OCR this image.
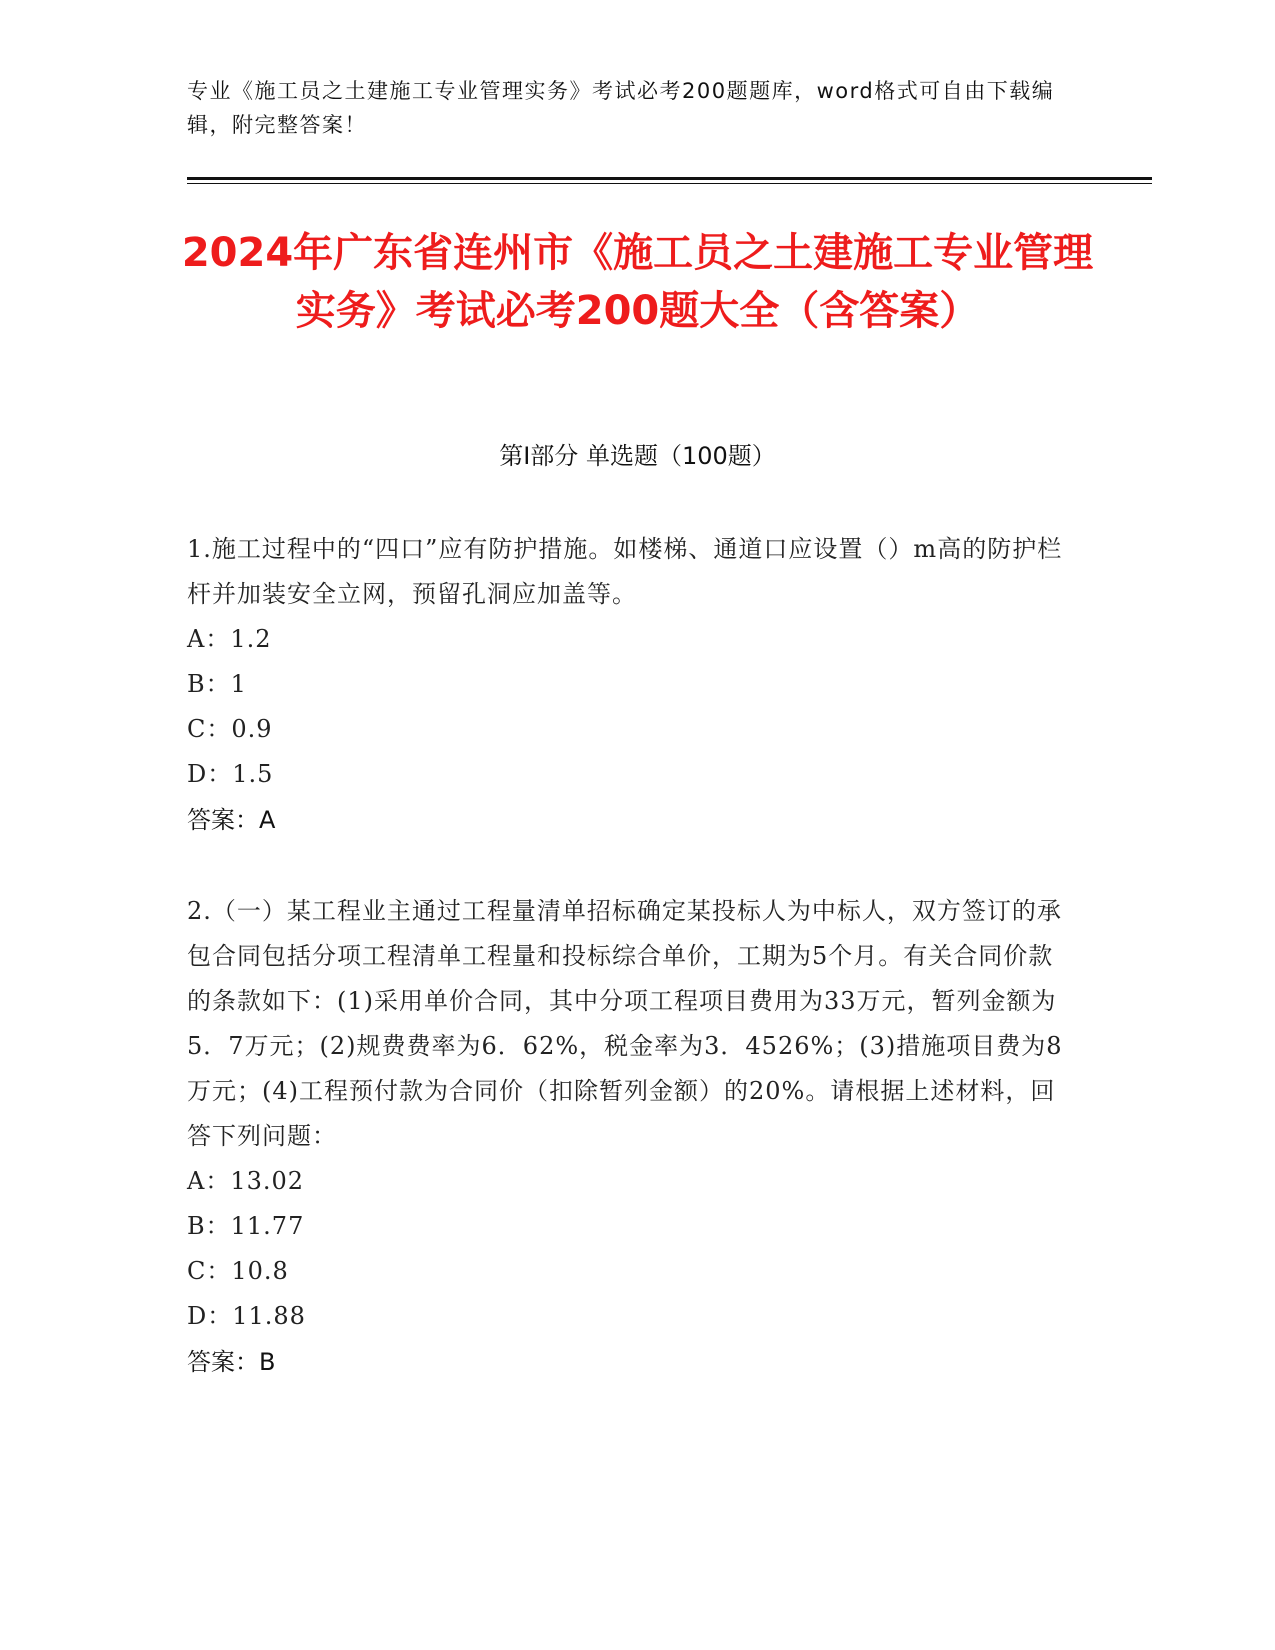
专业《施工员之土建施工专业管理实务》考试必考200题题库，word格式可自由下载编辑，附完整答案！
2024年广东省连州市《施工员之土建施工专业管理实务》考试必考200题大全（含答案）
第I部分 单选题（100题）
1.施工过程中的“四口”应有防护措施。如楼梯、通道口应设置（）m高的防护栏杆并加装安全立网，预留孔洞应加盖等。
A：1.2
B：1
C：0.9
D：1.5
答案：A
2.（一）某工程业主通过工程量清单招标确定某投标人为中标人，双方签订的承包合同包括分项工程清单工程量和投标综合单价，工期为5个月。有关合同价款的条款如下：(1)采用单价合同，其中分项工程项目费用为33万元，暂列金额为5．7万元；(2)规费费率为6．62%，税金率为3．4526%；(3)措施项目费为8万元；(4)工程预付款为合同价（扣除暂列金额）的20%。请根据上述材料，回答下列问题：
A：13.02
B：11.77
C：10.8
D：11.88
答案：B
